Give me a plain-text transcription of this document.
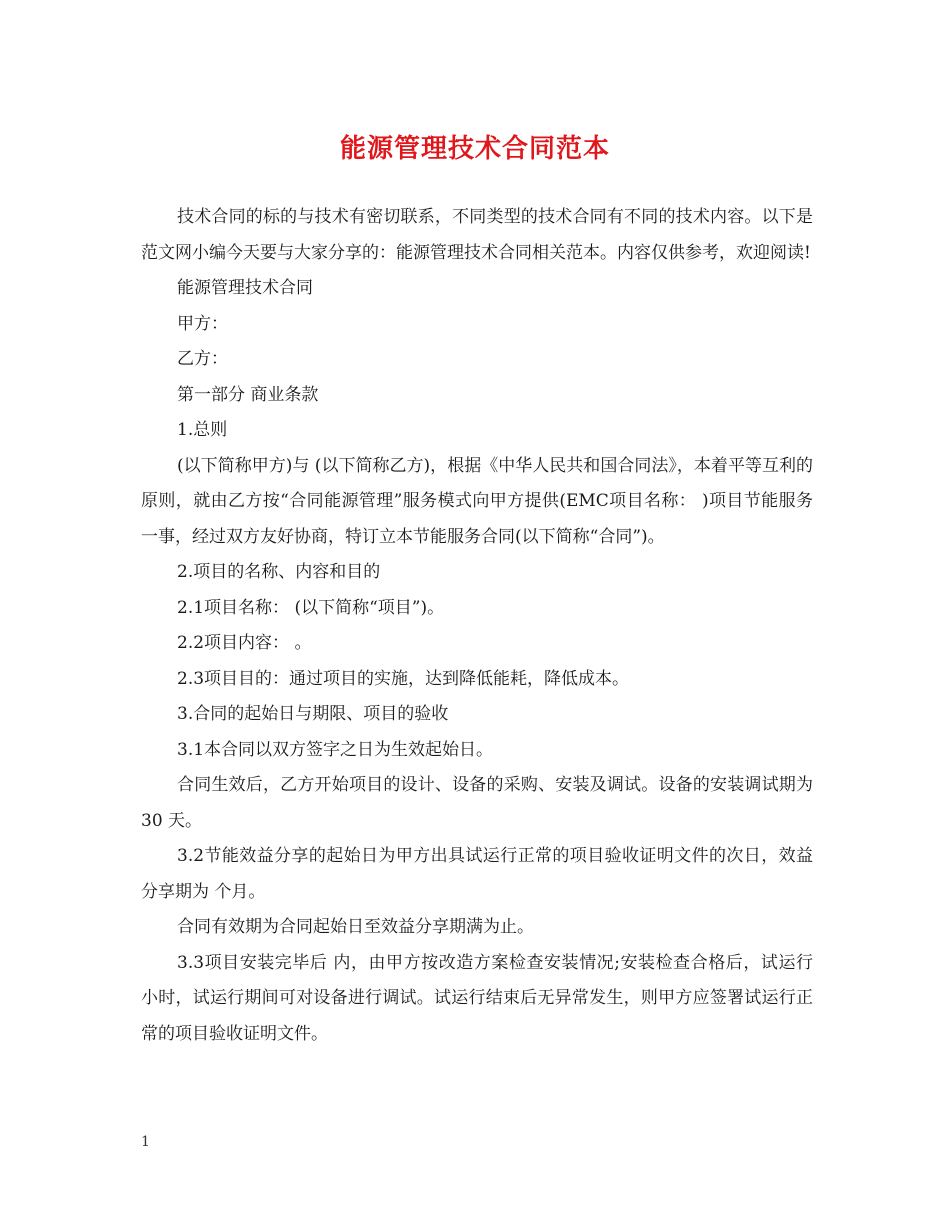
能源管理技术合同范本

技术合同的标的与技术有密切联系，不同类型的技术合同有不同的技术内容。以下是范文网小编今天要与大家分享的：能源管理技术合同相关范本。内容仅供参考，欢迎阅读!

能源管理技术合同

甲方：

乙方：

第一部分 商业条款

1.总则

(以下简称甲方)与 (以下简称乙方)，根据《中华人民共和国合同法》，本着平等互利的原则，就由乙方按“合同能源管理”服务模式向甲方提供(EMC项目名称： )项目节能服务一事，经过双方友好协商，特订立本节能服务合同(以下简称“合同”)。

2.项目的名称、内容和目的

2.1项目名称： (以下简称“项目”)。

2.2项目内容： 。

2.3项目目的：通过项目的实施，达到降低能耗，降低成本。

3.合同的起始日与期限、项目的验收

3.1本合同以双方签字之日为生效起始日。

合同生效后，乙方开始项目的设计、设备的采购、安装及调试。设备的安装调试期为30 天。

3.2节能效益分享的起始日为甲方出具试运行正常的项目验收证明文件的次日，效益分享期为 个月。

合同有效期为合同起始日至效益分享期满为止。

3.3项目安装完毕后 内，由甲方按改造方案检查安装情况;安装检查合格后，试运行 小时，试运行期间可对设备进行调试。试运行结束后无异常发生，则甲方应签署试运行正常的项目验收证明文件。

1
